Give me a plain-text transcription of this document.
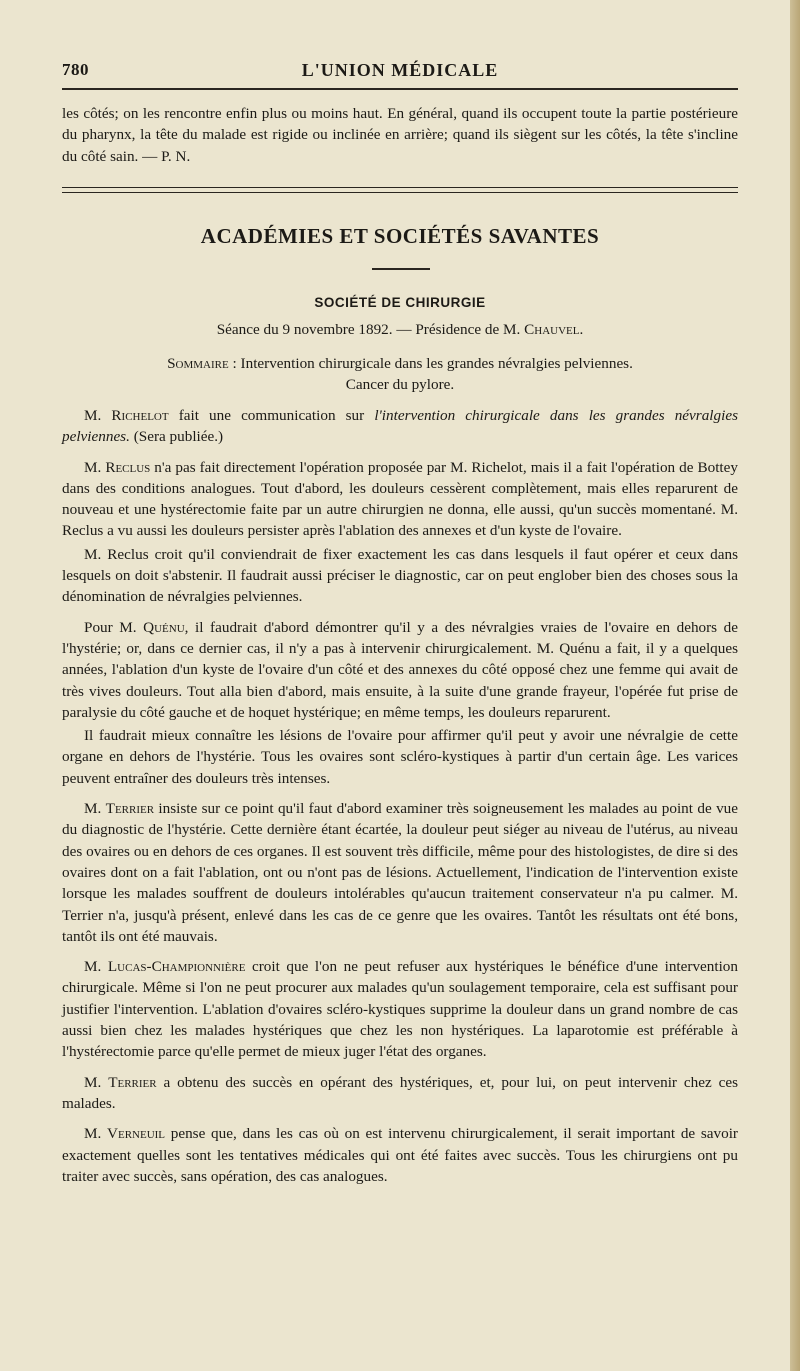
780	L'UNION MÉDICALE

les côtés; on les rencontre enfin plus ou moins haut. En général, quand ils occupent toute la partie postérieure du pharynx, la tête du malade est rigide ou inclinée en arrière; quand ils siègent sur les côtés, la tête s'incline du côté sain. — P. N.

ACADÉMIES ET SOCIÉTÉS SAVANTES
SOCIÉTÉ DE CHIRURGIE
Séance du 9 novembre 1892. — Présidence de M. Chauvel.
Sommaire : Intervention chirurgicale dans les grandes névralgies pelviennes.
Cancer du pylore.

M. Richelot fait une communication sur l'intervention chirurgicale dans les grandes névralgies pelviennes. (Sera publiée.)

M. Reclus n'a pas fait directement l'opération proposée par M. Richelot, mais il a fait l'opération de Bottey dans des conditions analogues. Tout d'abord, les douleurs cessèrent complètement, mais elles reparurent de nouveau et une hystérectomie faite par un autre chirurgien ne donna, elle aussi, qu'un succès momentané. M. Reclus a vu aussi les douleurs persister après l'ablation des annexes et d'un kyste de l'ovaire.

M. Reclus croit qu'il conviendrait de fixer exactement les cas dans lesquels il faut opérer et ceux dans lesquels on doit s'abstenir. Il faudrait aussi préciser le diagnostic, car on peut englober bien des choses sous la dénomination de névralgies pelviennes.

Pour M. Quénu, il faudrait d'abord démontrer qu'il y a des névralgies vraies de l'ovaire en dehors de l'hystérie; or, dans ce dernier cas, il n'y a pas à intervenir chirurgicalement. M. Quénu a fait, il y a quelques années, l'ablation d'un kyste de l'ovaire d'un côté et des annexes du côté opposé chez une femme qui avait de très vives douleurs. Tout alla bien d'abord, mais ensuite, à la suite d'une grande frayeur, l'opérée fut prise de paralysie du côté gauche et de hoquet hystérique; en même temps, les douleurs reparurent.

Il faudrait mieux connaître les lésions de l'ovaire pour affirmer qu'il peut y avoir une névralgie de cette organe en dehors de l'hystérie. Tous les ovaires sont scléro-kystiques à partir d'un certain âge. Les varices peuvent entraîner des douleurs très intenses.

M. Terrier insiste sur ce point qu'il faut d'abord examiner très soigneusement les malades au point de vue du diagnostic de l'hystérie. Cette dernière étant écartée, la douleur peut siéger au niveau de l'utérus, au niveau des ovaires ou en dehors de ces organes. Il est souvent très difficile, même pour des histologistes, de dire si des ovaires dont on a fait l'ablation, ont ou n'ont pas de lésions. Actuellement, l'indication de l'intervention existe lorsque les malades souffrent de douleurs intolérables qu'aucun traitement conservateur n'a pu calmer. M. Terrier n'a, jusqu'à présent, enlevé dans les cas de ce genre que les ovaires. Tantôt les résultats ont été bons, tantôt ils ont été mauvais.

M. Lucas-Championnière croit que l'on ne peut refuser aux hystériques le bénéfice d'une intervention chirurgicale. Même si l'on ne peut procurer aux malades qu'un soulagement temporaire, cela est suffisant pour justifier l'intervention. L'ablation d'ovaires scléro-kystiques supprime la douleur dans un grand nombre de cas aussi bien chez les malades hystériques que chez les non hystériques. La laparotomie est préférable à l'hystérectomie parce qu'elle permet de mieux juger l'état des organes.

M. Terrier a obtenu des succès en opérant des hystériques, et, pour lui, on peut intervenir chez ces malades.

M. Verneuil pense que, dans les cas où on est intervenu chirurgicalement, il serait important de savoir exactement quelles sont les tentatives médicales qui ont été faites avec succès. Tous les chirurgiens ont pu traiter avec succès, sans opération, des cas analogues.
